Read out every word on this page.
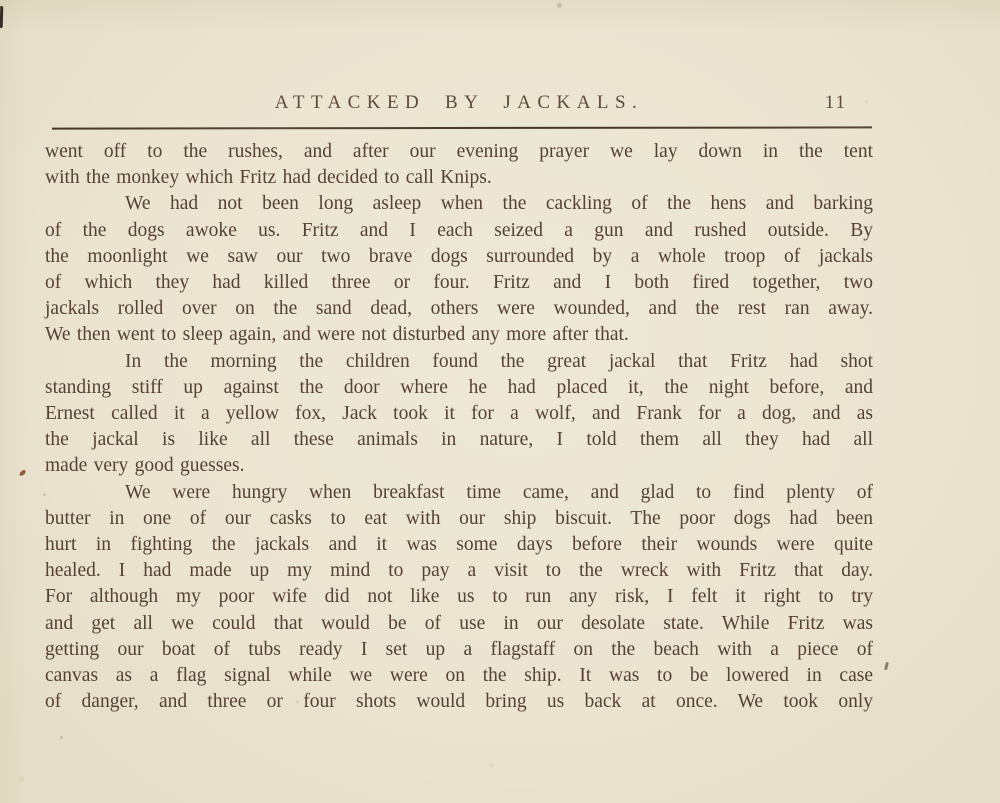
ATTACKED BY JACKALS.	11
went off to the rushes, and after our evening prayer we lay down in the tent
with the monkey which Fritz had decided to call Knips.
We had not been long asleep when the cackling of the hens and barking
of the dogs awoke us. Fritz and I each seized a gun and rushed outside. By
the moonlight we saw our two brave dogs surrounded by a whole troop of jackals
of which they had killed three or four. Fritz and I both fired together, two
jackals rolled over on the sand dead, others were wounded, and the rest ran away.
We then went to sleep again, and were not disturbed any more after that.
In the morning the children found the great jackal that Fritz had shot
standing stiff up against the door where he had placed it, the night before, and
Ernest called it a yellow fox, Jack took it for a wolf, and Frank for a dog, and as
the jackal is like all these animals in nature, I told them all they had all
made very good guesses.
We were hungry when breakfast time came, and glad to find plenty of
butter in one of our casks to eat with our ship biscuit. The poor dogs had been
hurt in fighting the jackals and it was some days before their wounds were quite
healed. I had made up my mind to pay a visit to the wreck with Fritz that day.
For although my poor wife did not like us to run any risk, I felt it right to try
and get all we could that would be of use in our desolate state. While Fritz was
getting our boat of tubs ready I set up a flagstaff on the beach with a piece of
canvas as a flag signal while we were on the ship. It was to be lowered in case
of danger, and three or four shots would bring us back at once. We took only
